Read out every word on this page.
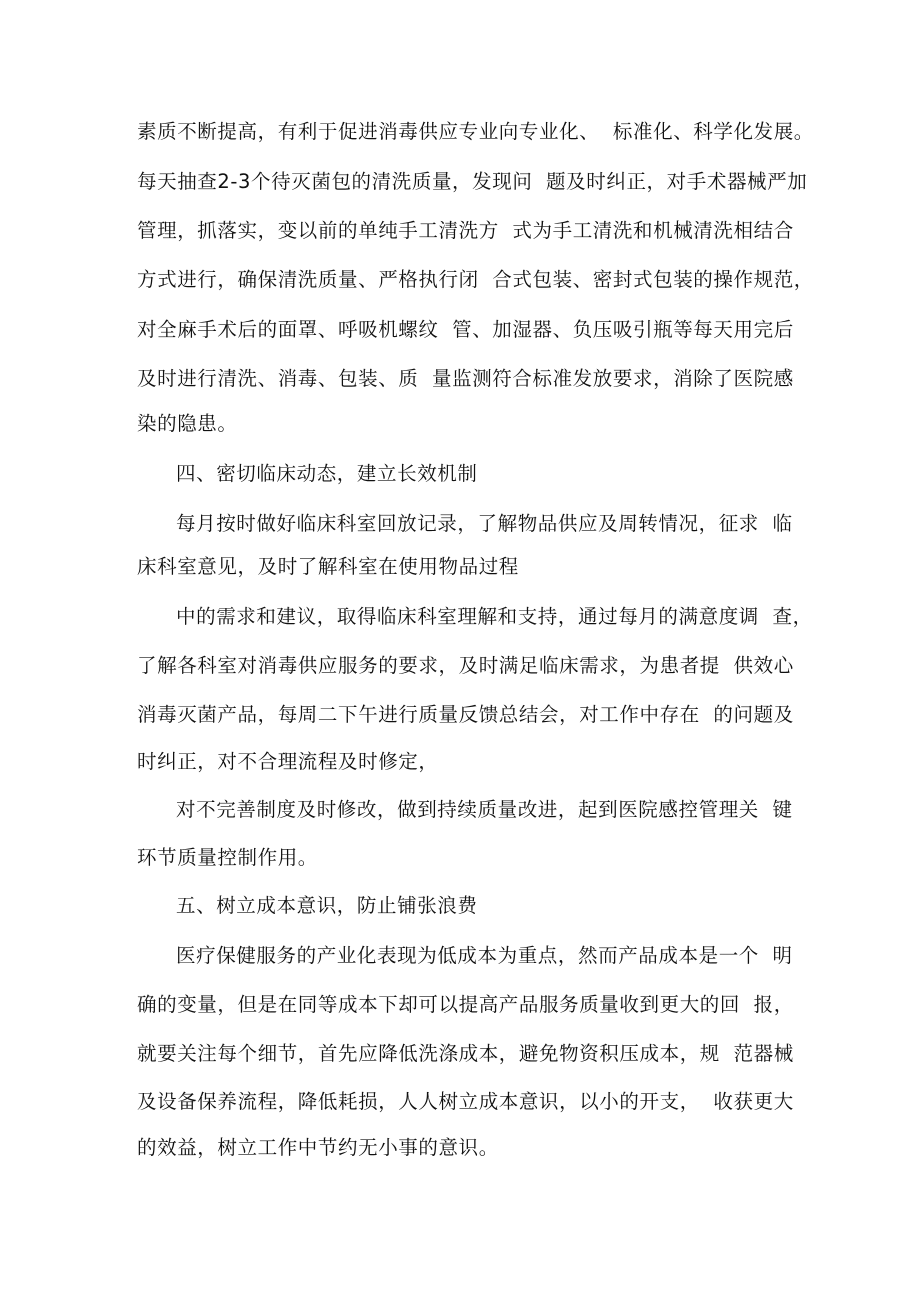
素质不断提高，有利于促进消毒供应专业向专业化、  标准化、科学化发展。
每天抽查2-3个待灭菌包的清洗质量，发现问  题及时纠正，对手术器械严加
管理，抓落实，变以前的单纯手工清洗方  式为手工清洗和机械清洗相结合
方式进行，确保清洗质量、严格执行闭  合式包装、密封式包装的操作规范，
对全麻手术后的面罩、呼吸机螺纹  管、加湿器、负压吸引瓶等每天用完后
及时进行清洗、消毒、包装、质  量监测符合标准发放要求，消除了医院感
染的隐患。
四、密切临床动态，建立长效机制
每月按时做好临床科室回放记录，了解物品供应及周转情况，征求  临
床科室意见，及时了解科室在使用物品过程
中的需求和建议，取得临床科室理解和支持，通过每月的满意度调  查，
了解各科室对消毒供应服务的要求，及时满足临床需求，为患者提  供效心
消毒灭菌产品，每周二下午进行质量反馈总结会，对工作中存在  的问题及
时纠正，对不合理流程及时修定，
对不完善制度及时修改，做到持续质量改进，起到医院感控管理关  键
环节质量控制作用。
五、树立成本意识，防止铺张浪费
医疗保健服务的产业化表现为低成本为重点，然而产品成本是一个  明
确的变量，但是在同等成本下却可以提高产品服务质量收到更大的回  报，
就要关注每个细节，首先应降低洗涤成本，避免物资积压成本，规  范器械
及设备保养流程，降低耗损，人人树立成本意识，以小的开支，  收获更大
的效益，树立工作中节约无小事的意识。
